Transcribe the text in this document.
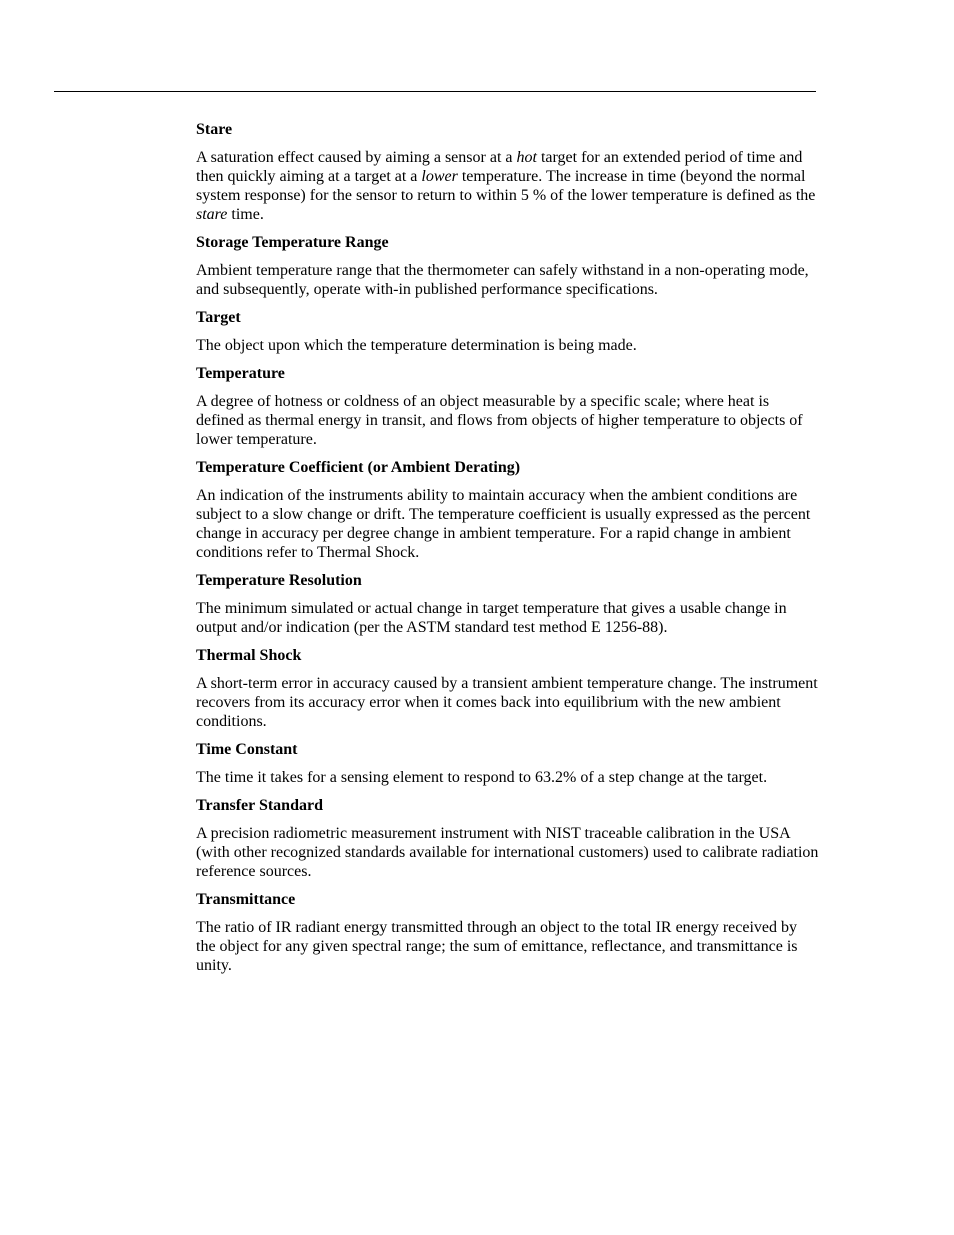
Stare

A saturation effect caused by aiming a sensor at a hot target for an extended period of time and then quickly aiming at a target at a lower temperature. The increase in time (beyond the normal system response) for the sensor to return to within 5 % of the lower temperature is defined as the stare time.

Storage Temperature Range

Ambient temperature range that the thermometer can safely withstand in a non-operating mode, and subsequently, operate with-in published performance specifications.

Target

The object upon which the temperature determination is being made.

Temperature

A degree of hotness or coldness of an object measurable by a specific scale; where heat is defined as thermal energy in transit, and flows from objects of higher temperature to objects of lower temperature.

Temperature Coefficient (or Ambient Derating)

An indication of the instruments ability to maintain accuracy when the ambient conditions are subject to a slow change or drift. The temperature coefficient is usually expressed as the percent change in accuracy per degree change in ambient temperature. For a rapid change in ambient conditions refer to Thermal Shock.

Temperature Resolution

The minimum simulated or actual change in target temperature that gives a usable change in output and/or indication (per the ASTM standard test method E 1256-88).

Thermal Shock

A short-term error in accuracy caused by a transient ambient temperature change. The instrument recovers from its accuracy error when it comes back into equilibrium with the new ambient conditions.

Time Constant

The time it takes for a sensing element to respond to 63.2% of a step change at the target.

Transfer Standard

A precision radiometric measurement instrument with NIST traceable calibration in the USA (with other recognized standards available for international customers) used to calibrate radiation reference sources.

Transmittance

The ratio of IR radiant energy transmitted through an object to the total IR energy received by the object for any given spectral range; the sum of emittance, reflectance, and transmittance is unity.
